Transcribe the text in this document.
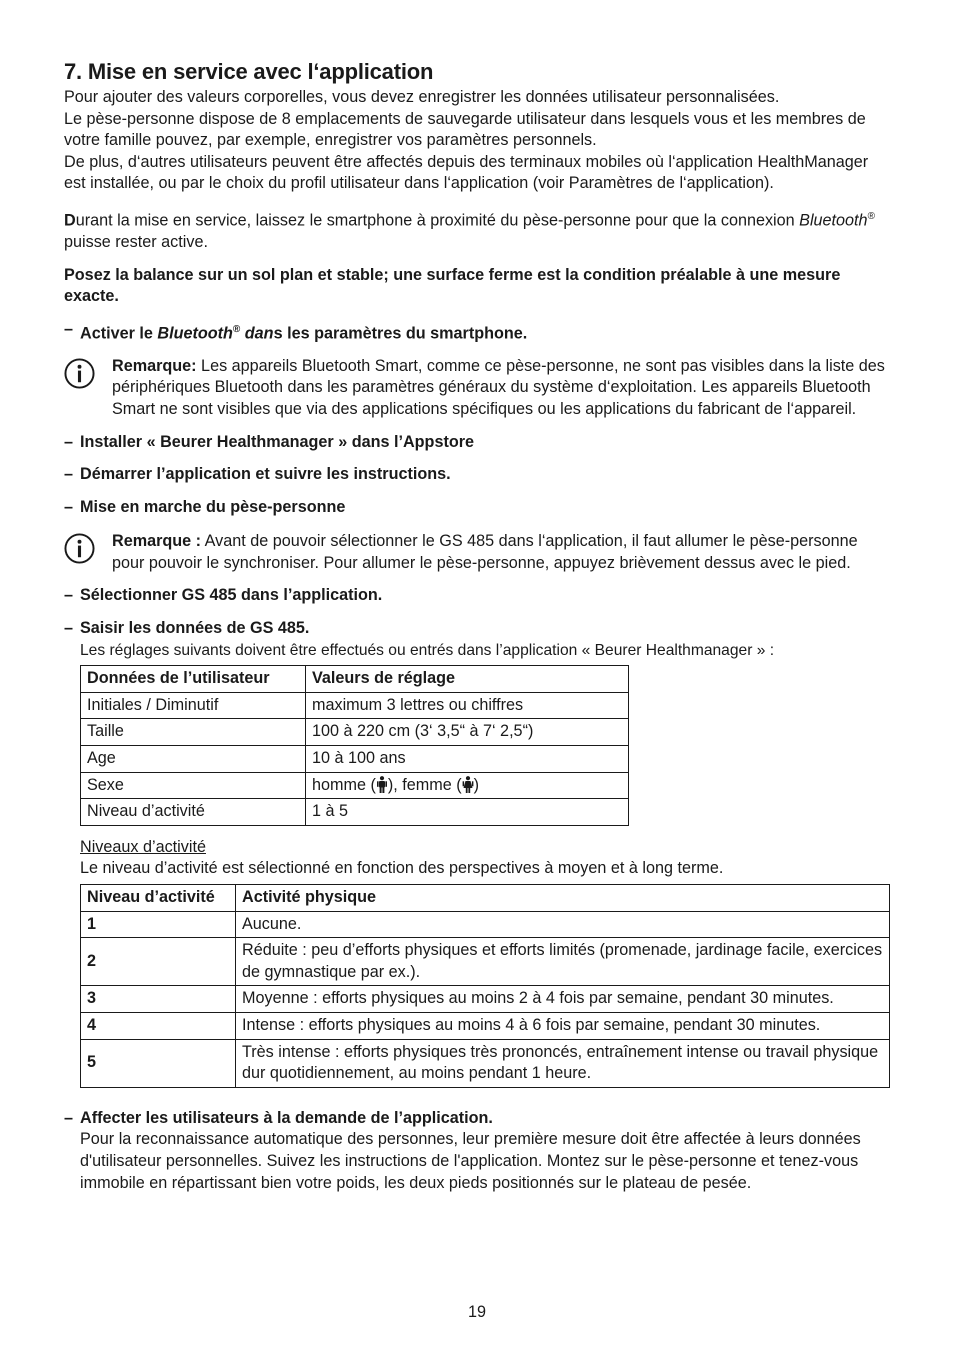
7. Mise en service avec l‘application

Pour ajouter des valeurs corporelles, vous devez enregistrer les données utilisateur personnalisées.

Le pèse-personne dispose de 8 emplacements de sauvegarde utilisateur dans lesquels vous et les membres de votre famille pouvez, par exemple, enregistrer vos paramètres personnels.

De plus, d‘autres utilisateurs peuvent être affectés depuis des terminaux mobiles où l‘application HealthManager est installée, ou par le choix du profil utilisateur dans l‘application (voir Paramètres de l‘application).

Durant la mise en service, laissez le smartphone à proximité du pèse-personne pour que la connexion Bluetooth® puisse rester active.

Posez la balance sur un sol plan et stable; une surface ferme est la condition préalable à une mesure exacte.

– Activer le Bluetooth® dans les paramètres du smartphone.
Remarque: Les appareils Bluetooth Smart, comme ce pèse-personne, ne sont pas visibles dans la liste des périphériques Bluetooth dans les paramètres généraux du système d‘exploitation. Les appareils Bluetooth Smart ne sont visibles que via des applications spécifiques ou les applications du fabricant de l‘appareil.
– Installer « Beurer Healthmanager » dans l’Appstore
– Démarrer l’application et suivre les instructions.
– Mise en marche du pèse-personne
Remarque : Avant de pouvoir sélectionner le GS 485 dans l‘application, il faut allumer le pèse-personne pour pouvoir le synchroniser. Pour allumer le pèse-personne, appuyez brièvement dessus avec le pied.
– Sélectionner GS 485 dans l’application.
– Saisir les données de GS 485.

Les réglages suivants doivent être effectués ou entrés dans l’application « Beurer Healthmanager » :

Données de l’utilisateur	Valeurs de réglage
Initiales / Diminutif	maximum 3 lettres ou chiffres
Taille	100 à 220 cm (3‘ 3,5“ à 7‘ 2,5“)
Age	10 à 100 ans
Sexe	homme ( ), femme ( )
Niveau d’activité	1 à 5

Niveaux d’activité

Le niveau d’activité est sélectionné en fonction des perspectives à moyen et à long terme.

Niveau d’activité	Activité physique
1	Aucune.
2	Réduite : peu d’efforts physiques et efforts limités (promenade, jardinage facile, exercices de gymnastique par ex.).
3	Moyenne : efforts physiques au moins 2 à 4 fois par semaine, pendant 30 minutes.
4	Intense : efforts physiques au moins 4 à 6 fois par semaine, pendant 30 minutes.
5	Très intense : efforts physiques très prononcés, entraînement intense ou travail physique dur quotidiennement, au moins pendant 1 heure.
– Affecter les utilisateurs à la demande de l’application.

Pour la reconnaissance automatique des personnes, leur première mesure doit être affectée à leurs données d'utilisateur personnelles. Suivez les instructions de l'application. Montez sur le pèse-personne et tenez-vous immobile en répartissant bien votre poids, les deux pieds positionnés sur le plateau de pesée.

19
